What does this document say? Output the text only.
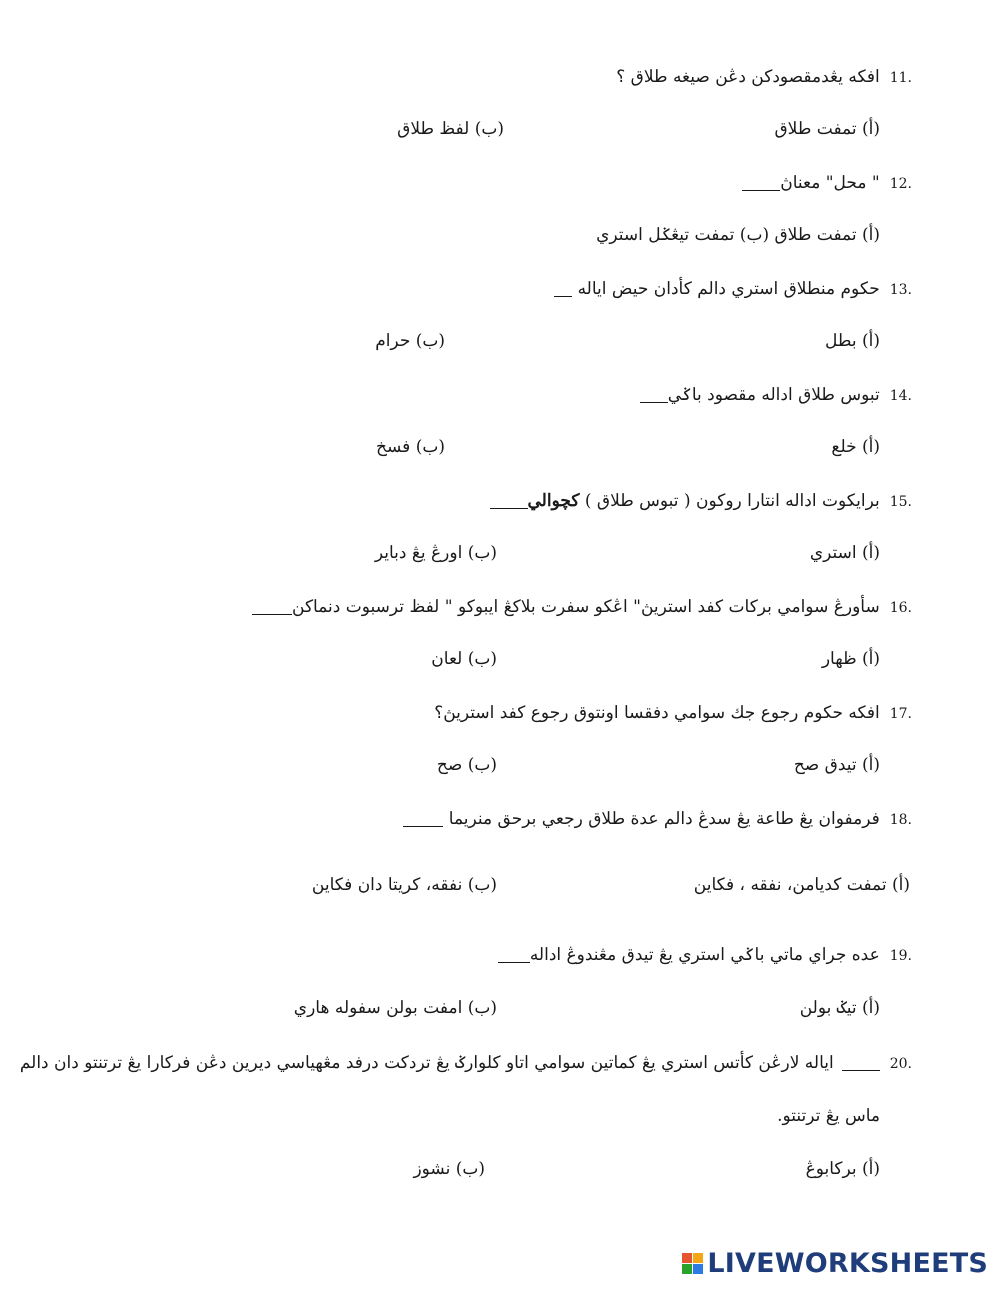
11.افكه يڠدمقصودكن دڠن صيغه طلاق ؟
(أ) تمفت طلاق
(ب) لفظ طلاق
12." محل" معناڽ
(أ) تمفت طلاق (ب) تمفت تيڠݢل استري
13.حكوم منطلاق استري دالم كأدان حيض اياله
(أ) بطل
(ب) حرام
14.تبوس طلاق اداله مقصود باݢي
(أ) خلع
(ب) فسخ
15.برايكوت اداله انتارا روكون ( تبوس طلاق ) كچوالي
(أ) استري
(ب) اورڠ يڠ دباير
16.سأورڠ سوامي بركات كفد استريڽ" اڠكو سفرت بلاكڠ ايبوكو " لفظ ترسبوت دنماكن
(أ) ظهار
(ب) لعان
17.افكه حكوم رجوع جك سوامي دفقسا اونتوق رجوع كفد استريڽ؟
(أ) تيدق صح
(ب) صح
18.فرمفوان يڠ طاعة يڠ سدڠ دالم عدة طلاق رجعي برحق منريما
(أ) تمفت كديامن، نفقه ، فكاين
(ب) نفقه، كريتا دان فكاين
19.عده جراي ماتي باݢي استري يڠ تيدق مڠندوڠ اداله
(أ) تيݢ بولن
(ب) امفت بولن سفوله هاري
20.اياله لارڠن كأتس استري يڠ كماتين سوامي اتاو كلوارݢ يڠ تردكت درفد مڠهياسي ديرين دڠن فركارا يڠ ترتنتو دان دالم
ماس يڠ ترتنتو.
(أ) بركابوڠ
(ب) نشوز
LIVEWORKSHEETS
